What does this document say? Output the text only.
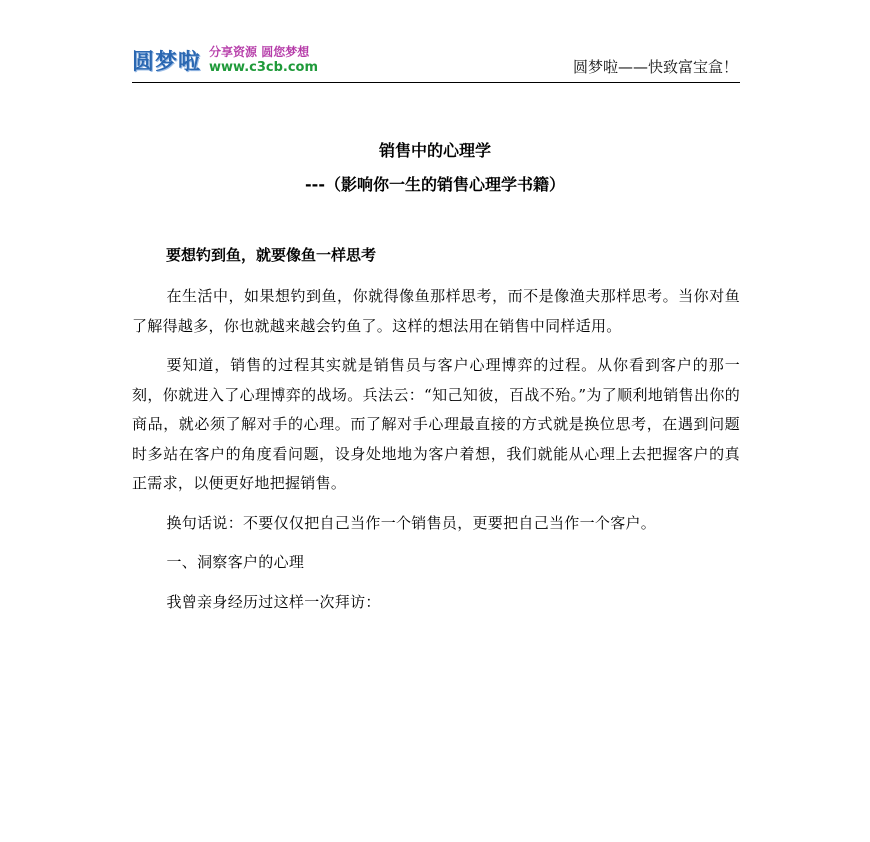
圆梦啦 分享资源 圆您梦想
www.c3cb.com	圆梦啦——快致富宝盒！
销售中的心理学
---（影响你一生的销售心理学书籍）
要想钓到鱼，就要像鱼一样思考

在生活中，如果想钓到鱼，你就得像鱼那样思考，而不是像渔夫那样思考。当你对鱼了解得越多，你也就越来越会钓鱼了。这样的想法用在销售中同样适用。

要知道，销售的过程其实就是销售员与客户心理博弈的过程。从你看到客户的那一刻，你就进入了心理博弈的战场。兵法云：“知己知彼，百战不殆。”为了顺利地销售出你的商品，就必须了解对手的心理。而了解对手心理最直接的方式就是换位思考，在遇到问题时多站在客户的角度看问题，设身处地地为客户着想，我们就能从心理上去把握客户的真正需求，以便更好地把握销售。

换句话说：不要仅仅把自己当作一个销售员，更要把自己当作一个客户。

一、洞察客户的心理

我曾亲身经历过这样一次拜访：
